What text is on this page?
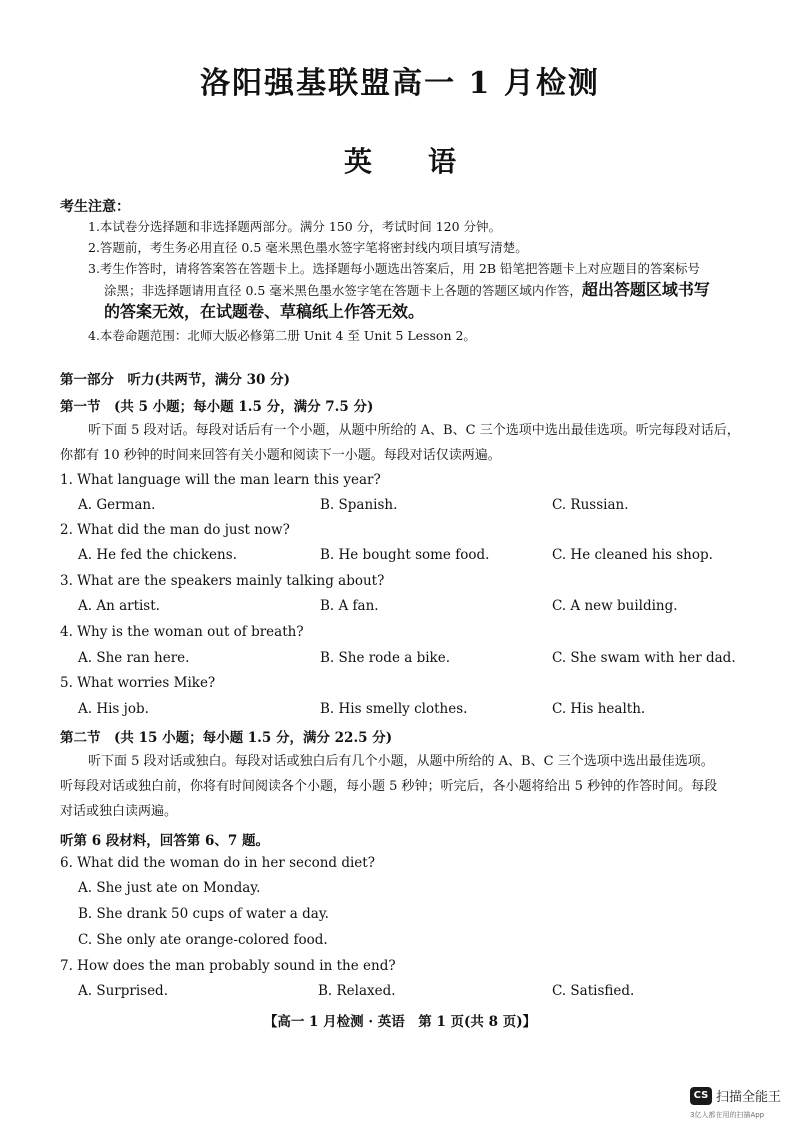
洛阳强基联盟高一 1 月检测
英 语
考生注意：
1.本试卷分选择题和非选择题两部分。满分 150 分，考试时间 120 分钟。
2.答题前，考生务必用直径 0.5 毫米黑色墨水签字笔将密封线内项目填写清楚。
3.考生作答时，请将答案答在答题卡上。选择题每小题选出答案后，用 2B 铅笔把答题卡上对应题目的答案标号
涂黑；非选择题请用直径 0.5 毫米黑色墨水签字笔在答题卡上各题的答题区域内作答，超出答题区域书写
的答案无效，在试题卷、草稿纸上作答无效。
4.本卷命题范围：北师大版必修第二册 Unit 4 至 Unit 5 Lesson 2。
第一部分　听力(共两节，满分 30 分)
第一节　(共 5 小题；每小题 1.5 分，满分 7.5 分)
听下面 5 段对话。每段对话后有一个小题，从题中所给的 A、B、C 三个选项中选出最佳选项。听完每段对话后，
你都有 10 秒钟的时间来回答有关小题和阅读下一小题。每段对话仅读两遍。
1. What language will the man learn this year?
A. German.	B. Spanish.	C. Russian.
2. What did the man do just now?
A. He fed the chickens.	B. He bought some food.	C. He cleaned his shop.
3. What are the speakers mainly talking about?
A. An artist.	B. A fan.	C. A new building.
4. Why is the woman out of breath?
A. She ran here.	B. She rode a bike.	C. She swam with her dad.
5. What worries Mike?
A. His job.	B. His smelly clothes.	C. His health.
第二节　(共 15 小题；每小题 1.5 分，满分 22.5 分)
听下面 5 段对话或独白。每段对话或独白后有几个小题，从题中所给的 A、B、C 三个选项中选出最佳选项。
听每段对话或独白前，你将有时间阅读各个小题，每小题 5 秒钟；听完后，各小题将给出 5 秒钟的作答时间。每段
对话或独白读两遍。
听第 6 段材料，回答第 6、7 题。
6. What did the woman do in her second diet?
A. She just ate on Monday.
B. She drank 50 cups of water a day.
C. She only ate orange-colored food.
7. How does the man probably sound in the end?
A. Surprised.	B. Relaxed.	C. Satisfied.
【高一 1 月检测 · 英语　第 1 页(共 8 页)】
CS 扫描全能王
3亿人都在用的扫描App
